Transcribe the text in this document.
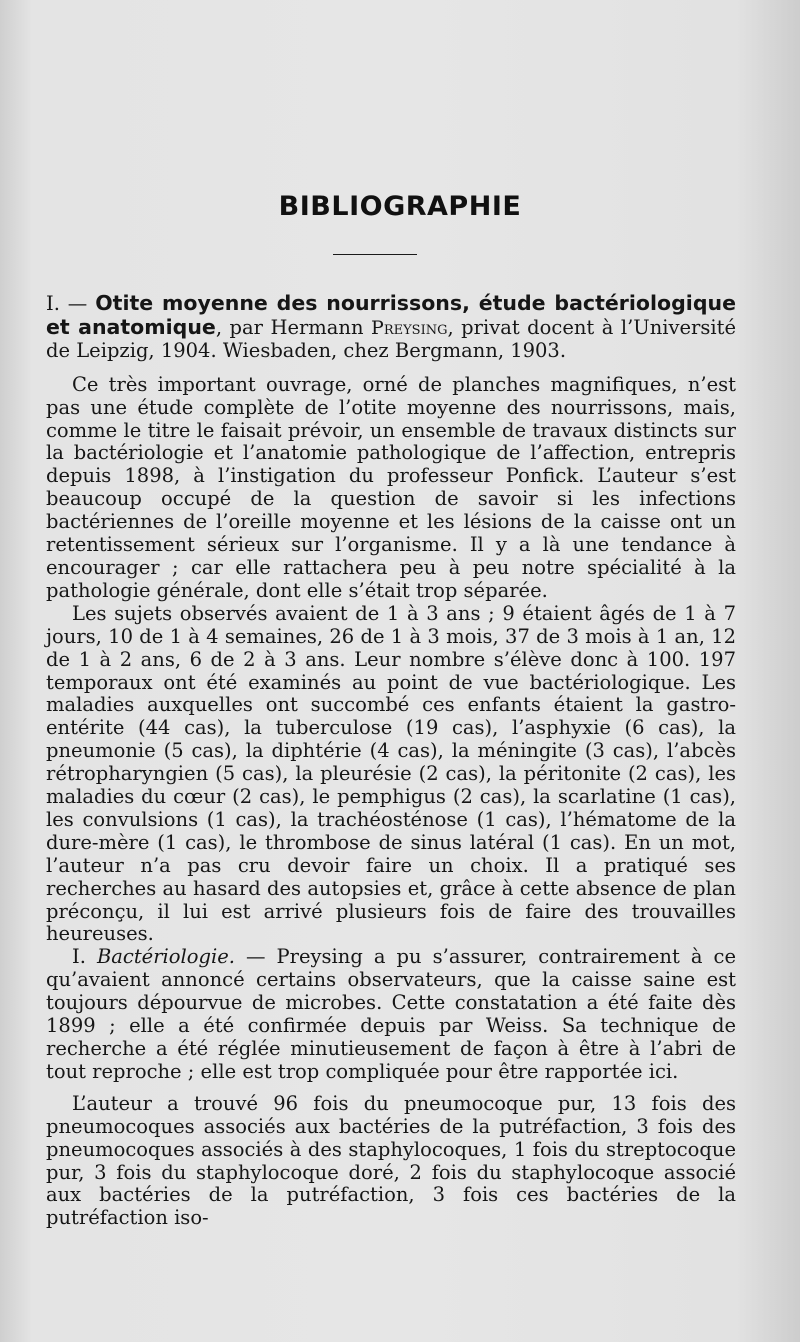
BIBLIOGRAPHIE

I. — Otite moyenne des nourrissons, étude bactériologique et anatomique, par Hermann Preysing, privat docent à l’Université de Leipzig, 1904. Wiesbaden, chez Bergmann, 1903.

Ce très important ouvrage, orné de planches magnifiques, n’est pas une étude complète de l’otite moyenne des nourrissons, mais, comme le titre le faisait prévoir, un ensemble de travaux distincts sur la bactériologie et l’anatomie pathologique de l’affection, entrepris depuis 1898, à l’instigation du professeur Ponfick. L’auteur s’est beaucoup occupé de la question de savoir si les infections bactériennes de l’oreille moyenne et les lésions de la caisse ont un retentissement sérieux sur l’organisme. Il y a là une tendance à encourager ; car elle rattachera peu à peu notre spécialité à la pathologie générale, dont elle s’était trop séparée.

Les sujets observés avaient de 1 à 3 ans ; 9 étaient âgés de 1 à 7 jours, 10 de 1 à 4 semaines, 26 de 1 à 3 mois, 37 de 3 mois à 1 an, 12 de 1 à 2 ans, 6 de 2 à 3 ans. Leur nombre s’élève donc à 100. 197 temporaux ont été examinés au point de vue bactériologique. Les maladies auxquelles ont succombé ces enfants étaient la gastro-entérite (44 cas), la tuberculose (19 cas), l’asphyxie (6 cas), la pneumonie (5 cas), la diphtérie (4 cas), la méningite (3 cas), l’abcès rétropharyngien (5 cas), la pleurésie (2 cas), la péritonite (2 cas), les maladies du cœur (2 cas), le pemphigus (2 cas), la scarlatine (1 cas), les convulsions (1 cas), la trachéosténose (1 cas), l’hématome de la dure-mère (1 cas), le thrombose de sinus latéral (1 cas). En un mot, l’auteur n’a pas cru devoir faire un choix. Il a pratiqué ses recherches au hasard des autopsies et, grâce à cette absence de plan préconçu, il lui est arrivé plusieurs fois de faire des trouvailles heureuses.

I. Bactériologie. — Preysing a pu s’assurer, contrairement à ce qu’avaient annoncé certains observateurs, que la caisse saine est toujours dépourvue de microbes. Cette constatation a été faite dès 1899 ; elle a été confirmée depuis par Weiss. Sa technique de recherche a été réglée minutieusement de façon à être à l’abri de tout reproche ; elle est trop compliquée pour être rapportée ici.

L’auteur a trouvé 96 fois du pneumocoque pur, 13 fois des pneumocoques associés aux bactéries de la putréfaction, 3 fois des pneumocoques associés à des staphylocoques, 1 fois du streptocoque pur, 3 fois du staphylocoque doré, 2 fois du staphylocoque associé aux bactéries de la putréfaction, 3 fois ces bactéries de la putréfaction iso-
